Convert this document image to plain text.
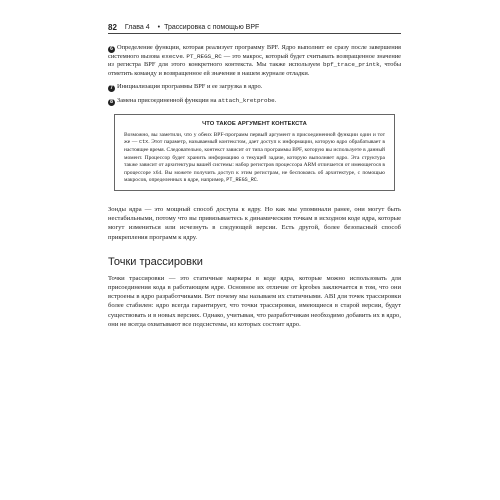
82 Глава 4 • Трассировка с помощью BPF

6 Определение функции, которая реализует программу BPF. Ядро выполнит ее сразу после завершения системного вызова execve. PT_REGS_RC — это макрос, который будет считывать возвращенное значение из регистра BPF для этого конкретного контекста. Мы также используем bpf_trace_printk, чтобы отметить команду и возвращенное ей значение в нашем журнале отладки.

7 Инициализация программы BPF и ее загрузка в ядро.

8 Замена присоединенной функции на attach_kretprobe.

ЧТО ТАКОЕ АРГУМЕНТ КОНТЕКСТА

Возможно, вы заметили, что у обеих BPF-программ первый аргумент в присоединенной функции один и тот же — ctx. Этот параметр, называемый контекстом, дает доступ к информации, которую ядро обрабатывает в настоящее время. Следовательно, контекст зависит от типа программы BPF, которую вы используете в данный момент. Процессор будет хранить информацию о текущей задаче, которую выполняет ядро. Эта структура также зависит от архитектуры вашей системы: набор регистров процессора ARM отличается от имеющегося в процессоре x64. Вы можете получить доступ к этим регистрам, не беспокоясь об архитектуре, с помощью макросов, определенных в ядре, например, PT_REGS_RC.

Зонды ядра — это мощный способ доступа к ядру. Но как мы упоминали ранее, они могут быть нестабильными, потому что вы привязываетесь к динамическим точкам в исходном коде ядра, которые могут измениться или исчезнуть в следующей версии. Есть другой, более безопасный способ прикрепления программ к ядру.

Точки трассировки

Точки трассировки — это статичные маркеры в коде ядра, которые можно использовать для присоединения кода в работающем ядре. Основное их отличие от kprobes заключается в том, что они встроены в ядро разработчиками. Вот почему мы называем их статичными. ABI для точек трассировки более стабилен: ядро всегда гарантирует, что точки трассировки, имеющиеся в старой версии, будут существовать и в новых версиях. Однако, учитывая, что разработчикам необходимо добавить их в ядро, они не всегда охватывают все подсистемы, из которых состоит ядро.
